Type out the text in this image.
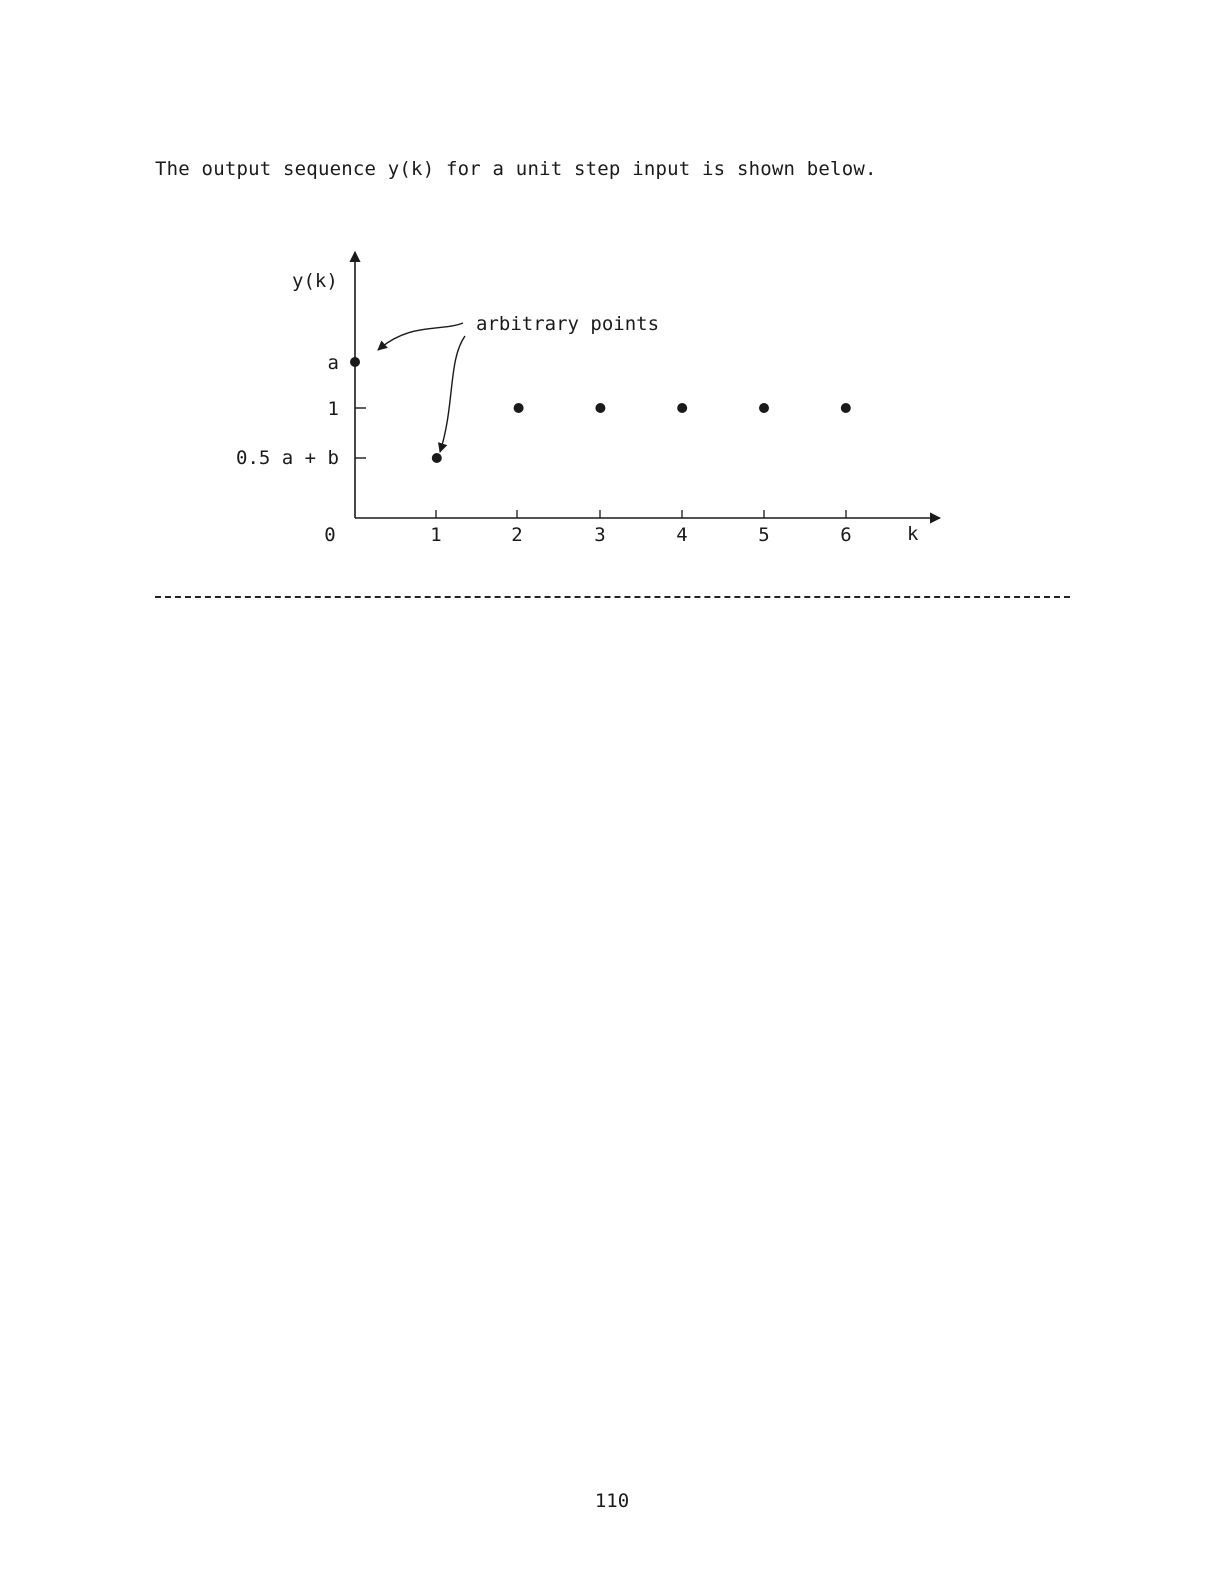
The output sequence y(k) for a unit step input is shown below.
y(k)
k
a
1
0.5 a + b
0	1	2	3	4	5	6
arbitrary points
110
